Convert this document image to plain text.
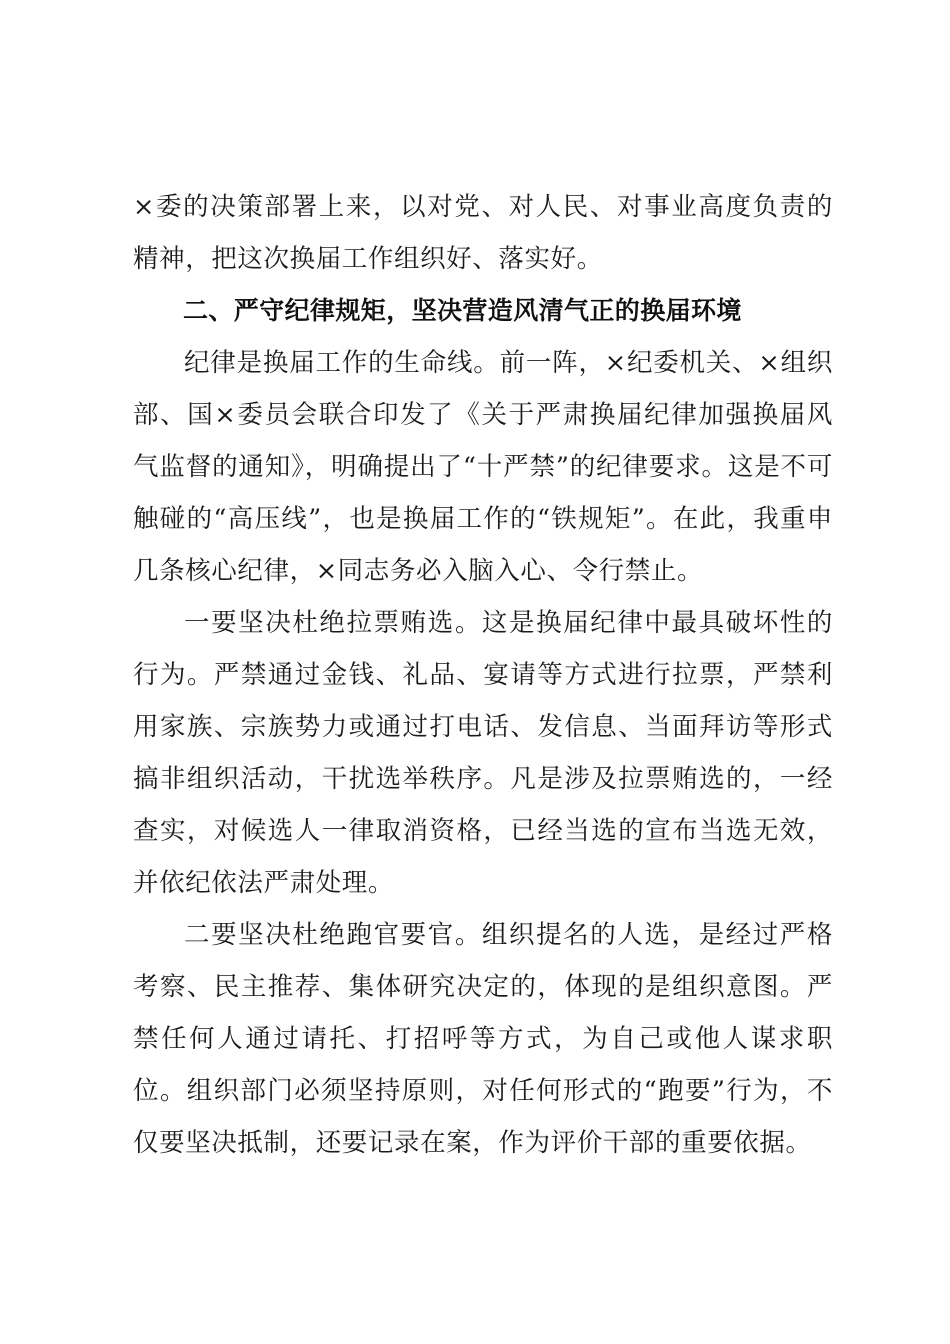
×委的决策部署上来，以对党、对人民、对事业高度负责的精神，把这次换届工作组织好、落实好。

二、严守纪律规矩，坚决营造风清气正的换届环境

纪律是换届工作的生命线。前一阵，×纪委机关、×组织部、国×委员会联合印发了《关于严肃换届纪律加强换届风气监督的通知》，明确提出了“十严禁”的纪律要求。这是不可触碰的“高压线”，也是换届工作的“铁规矩”。在此，我重申几条核心纪律，×同志务必入脑入心、令行禁止。

一要坚决杜绝拉票贿选。这是换届纪律中最具破坏性的行为。严禁通过金钱、礼品、宴请等方式进行拉票，严禁利用家族、宗族势力或通过打电话、发信息、当面拜访等形式搞非组织活动，干扰选举秩序。凡是涉及拉票贿选的，一经查实，对候选人一律取消资格，已经当选的宣布当选无效，并依纪依法严肃处理。

二要坚决杜绝跑官要官。组织提名的人选，是经过严格考察、民主推荐、集体研究决定的，体现的是组织意图。严禁任何人通过请托、打招呼等方式，为自己或他人谋求职位。组织部门必须坚持原则，对任何形式的“跑要”行为，不仅要坚决抵制，还要记录在案，作为评价干部的重要依据。
